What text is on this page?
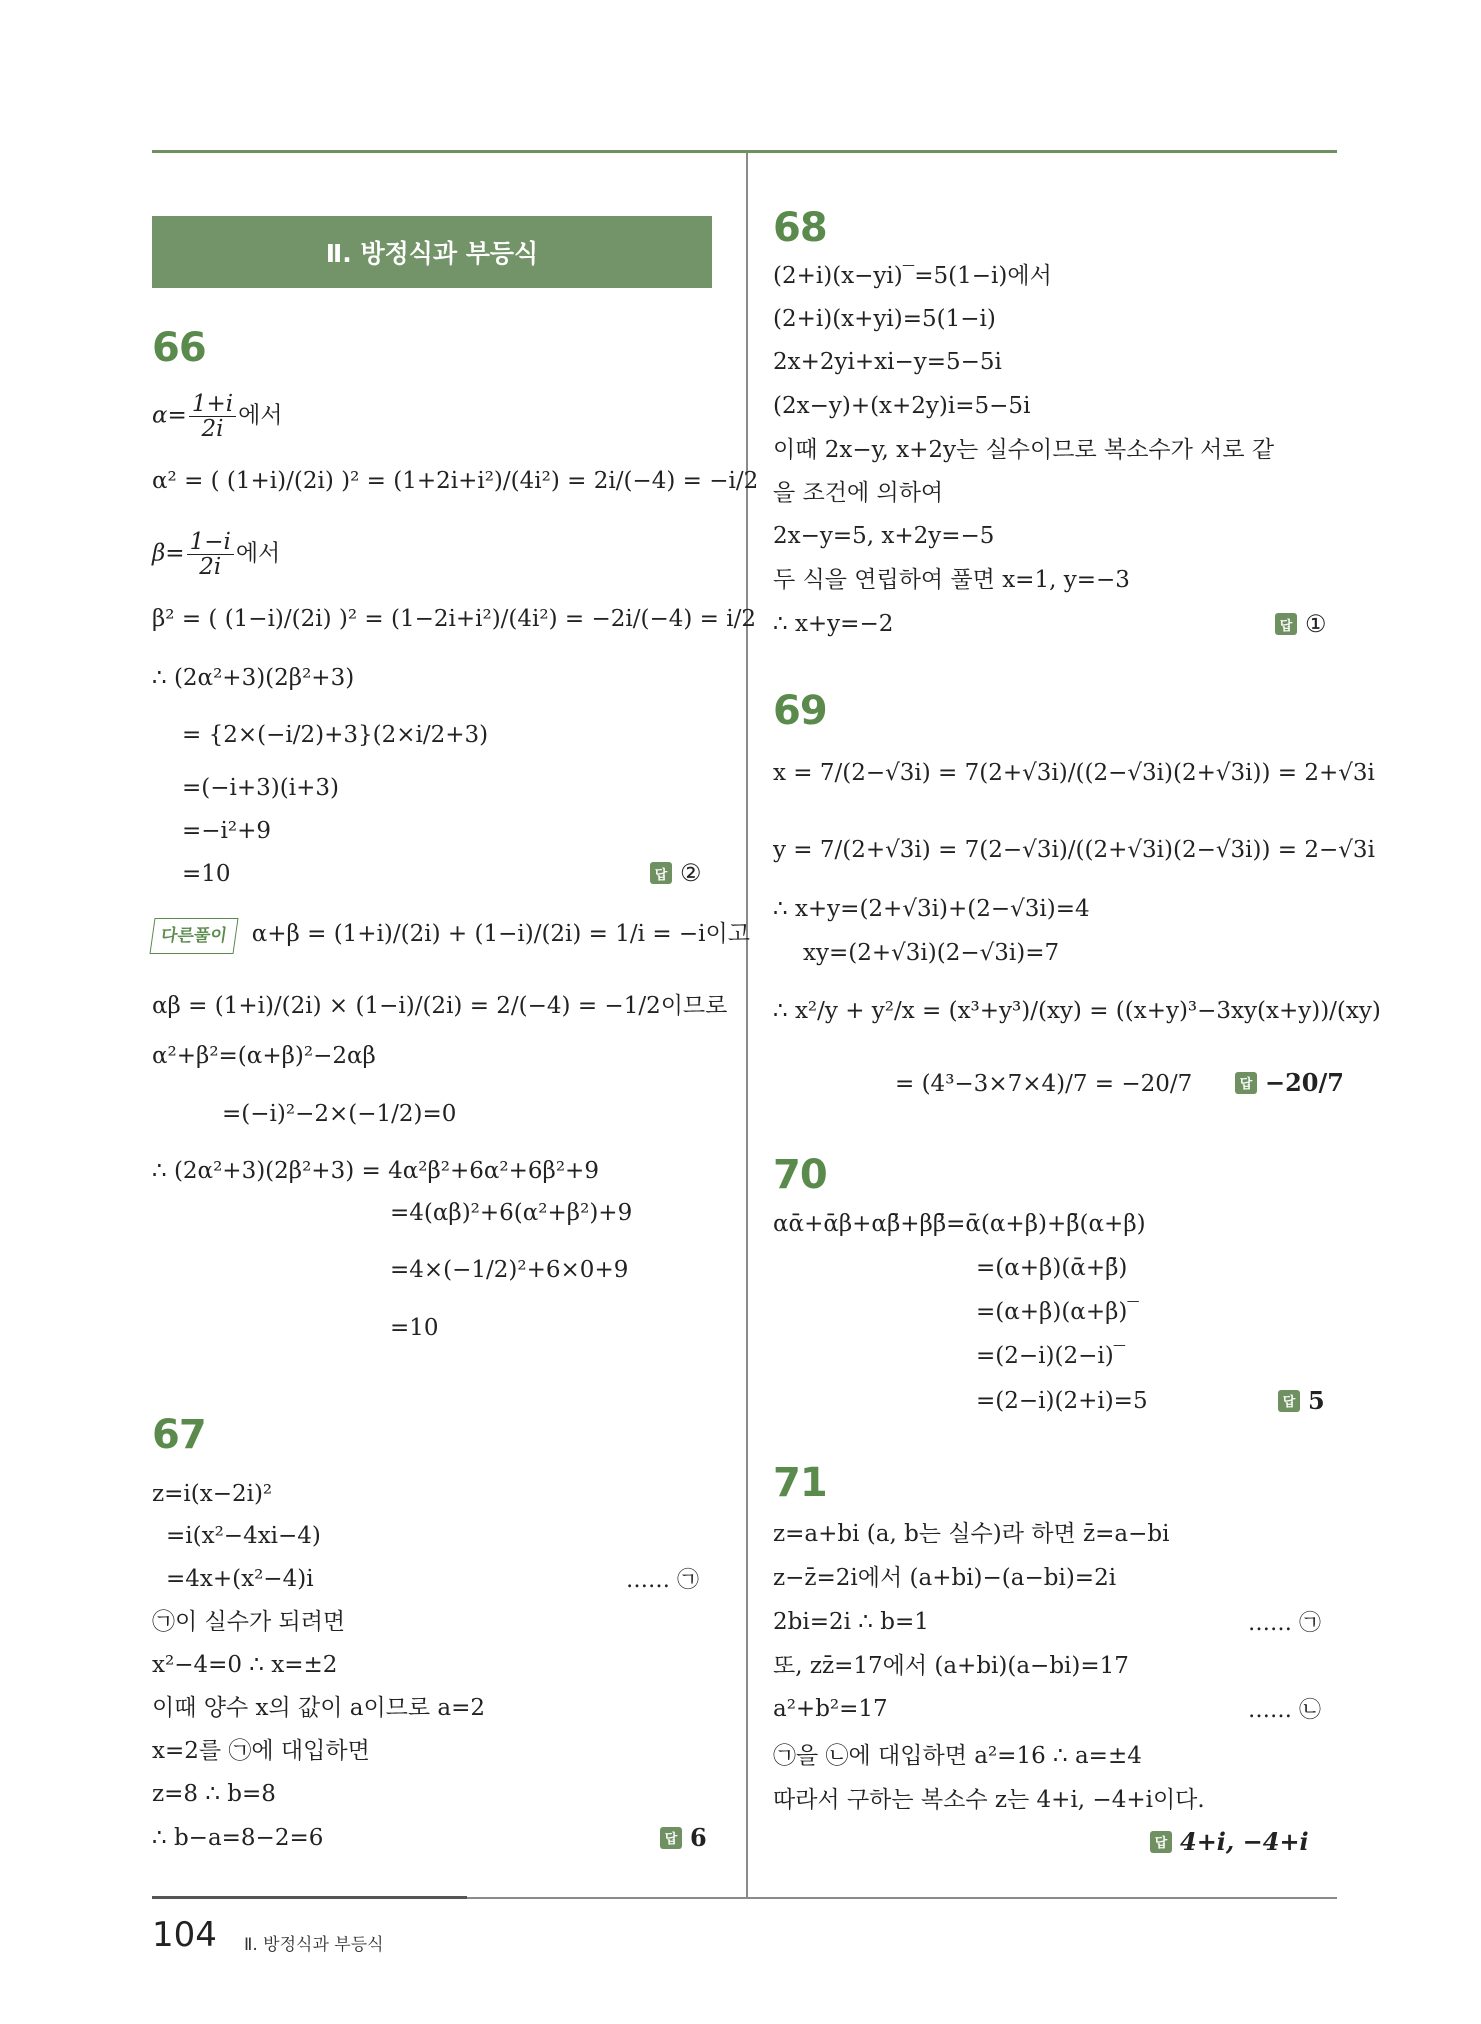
Ⅱ. 방정식과 부등식
66
$\alpha= \frac{1+i}{2i}$ 에서
α² = ( (1+i)/(2i) )² = (1+2i+i²)/(4i²) = 2i/(−4) = −i/2
$\beta= \frac{1-i}{2i}$ 에서
β² = ( (1−i)/(2i) )² = (1−2i+i²)/(4i²) = −2i/(−4) = i/2
∴ (2α²+3)(2β²+3)
= {2×(−i/2)+3}(2×i/2+3)
=(−i+3)(i+3)
=−i²+9
=10	답 ②
다른풀이 α+β = (1+i)/(2i) + (1−i)/(2i) = 1/i = −i이고
αβ = (1+i)/(2i) × (1−i)/(2i) = 2/(−4) = −1/2이므로
α²+β²=(α+β)²−2αβ
=(−i)²−2×(−1/2)=0
∴ (2α²+3)(2β²+3) = 4α²β²+6α²+6β²+9
=4(αβ)²+6(α²+β²)+9
=4×(−1/2)²+6×0+9
=10
67
z=i(x−2i)²
=i(x²−4xi−4)
=4x+(x²−4)i	…… ㉠
㉠이 실수가 되려면
x²−4=0 ∴ x=±2
이때 양수 x의 값이 a이므로 a=2
x=2를 ㉠에 대입하면
z=8 ∴ b=8
∴ b−a=8−2=6	답 6
68
(2+i)(x−yi)‾=5(1−i)에서
(2+i)(x+yi)=5(1−i)
2x+2yi+xi−y=5−5i
(2x−y)+(x+2y)i=5−5i
이때 2x−y, x+2y는 실수이므로 복소수가 서로 같
을 조건에 의하여
2x−y=5, x+2y=−5
두 식을 연립하여 풀면 x=1, y=−3
∴ x+y=−2	답 ①
69
x = 7/(2−√3i) = 7(2+√3i)/((2−√3i)(2+√3i)) = 2+√3i
y = 7/(2+√3i) = 7(2−√3i)/((2+√3i)(2−√3i)) = 2−√3i
∴ x+y=(2+√3i)+(2−√3i)=4
xy=(2+√3i)(2−√3i)=7
∴ x²/y + y²/x = (x³+y³)/(xy) = ((x+y)³−3xy(x+y))/(xy)
= (4³−3×7×4)/7 = −20/7	답 −20/7
70
αᾱ+ᾱβ+αβ̄+ββ̄=ᾱ(α+β)+β̄(α+β)
=(α+β)(ᾱ+β̄)
=(α+β)(α+β)‾
=(2−i)(2−i)‾
=(2−i)(2+i)=5	답 5
71
z=a+bi (a, b는 실수)라 하면 z̄=a−bi
z−z̄=2i에서 (a+bi)−(a−bi)=2i
2bi=2i ∴ b=1	…… ㉠
또, zz̄=17에서 (a+bi)(a−bi)=17
a²+b²=17	…… ㉡
㉠을 ㉡에 대입하면 a²=16 ∴ a=±4
따라서 구하는 복소수 z는 4+i, −4+i이다.
답 4+i, −4+i
104 Ⅱ. 방정식과 부등식
